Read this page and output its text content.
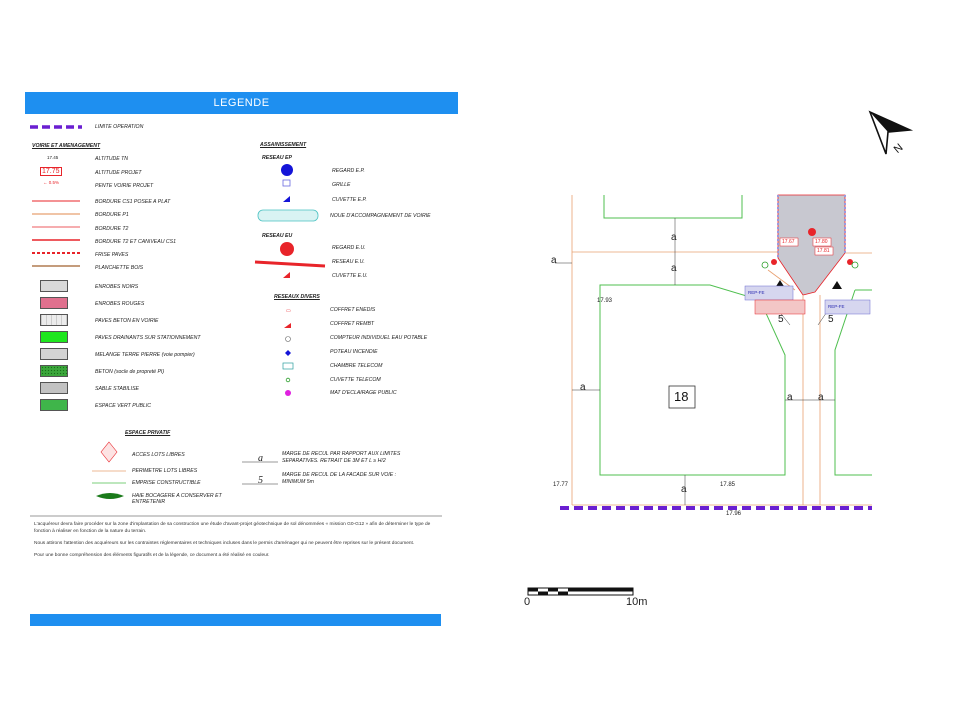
LEGENDE
LIMITE OPERATION
VOIRIE ET AMENAGEMENT
17.45
17.75
← 0.5%
ALTITUDE TN
ALTITUDE PROJET
PENTE VOIRIE PROJET
BORDURE CS1 POSEE A PLAT
BORDURE P1
BORDURE T2
BORDURE T2 ET CANIVEAU CS1
FRISE PAVES
PLANCHETTE BOIS
ENROBES NOIRS
ENROBES ROUGES
PAVES BETON EN VOIRIE
PAVES DRAINANTS SUR STATIONNEMENT
MELANGE TERRE PIERRE (voie pompier)
BETON (socle de propreté PI)
SABLE STABILISE
ESPACE VERT PUBLIC
ASSAINISSEMENT
RESEAU EP
REGARD E.P.
GRILLE
CUVETTE E.P.
NOUE D'ACCOMPAGNEMENT DE VOIRIE
RESEAU EU
REGARD E.U.
RESEAU E.U.
CUVETTE E.U.
RESEAUX DIVERS
▭	COFFRET ENEDIS
COFFRET REMBT
COMPTEUR INDIVIDUEL EAU POTABLE
POTEAU INCENDIE
CHAMBRE TELECOM
CUVETTE TELECOM
MAT D'ECLAIRAGE PUBLIC
ESPACE PRIVATIF
ACCES LOTS LIBRES
PERIMETRE LOTS LIBRES
EMPRISE CONSTRUCTIBLE
HAIE BOCAGERE A CONSERVER ET ENTRETENIR
a
5
MARGE DE RECUL PAR RAPPORT AUX LIMITES SEPARATIVES. RETRAIT DE 3M ET L ≥ H/2
MARGE DE RECUL DE LA FACADE SUR VOIE : MINIMUM 5m

L'acquéreur devra faire procéder sur la zone d'implantation de sa construction une étude d'avant-projet géotechnique de sol dénommées « mission G0-G12 » afin de déterminer le type de fonction à réaliser en fonction de la nature du terrain.

Nous attirons l'attention des acquéreurs sur les contraintes réglementaires et techniques incluses dans le permis d'aménager qui ne peuvent être reprises sur le présent document.

Pour une bonne compréhension des éléments figuratifs et de la légende, ce document a été réalisé en couleur.

18
a
a
a
a
a	a
a
5	5
17.93
17.77	17.85
17.96
17.67	17.80
17.81
REP-FE
REP-FE
N
0	10m
